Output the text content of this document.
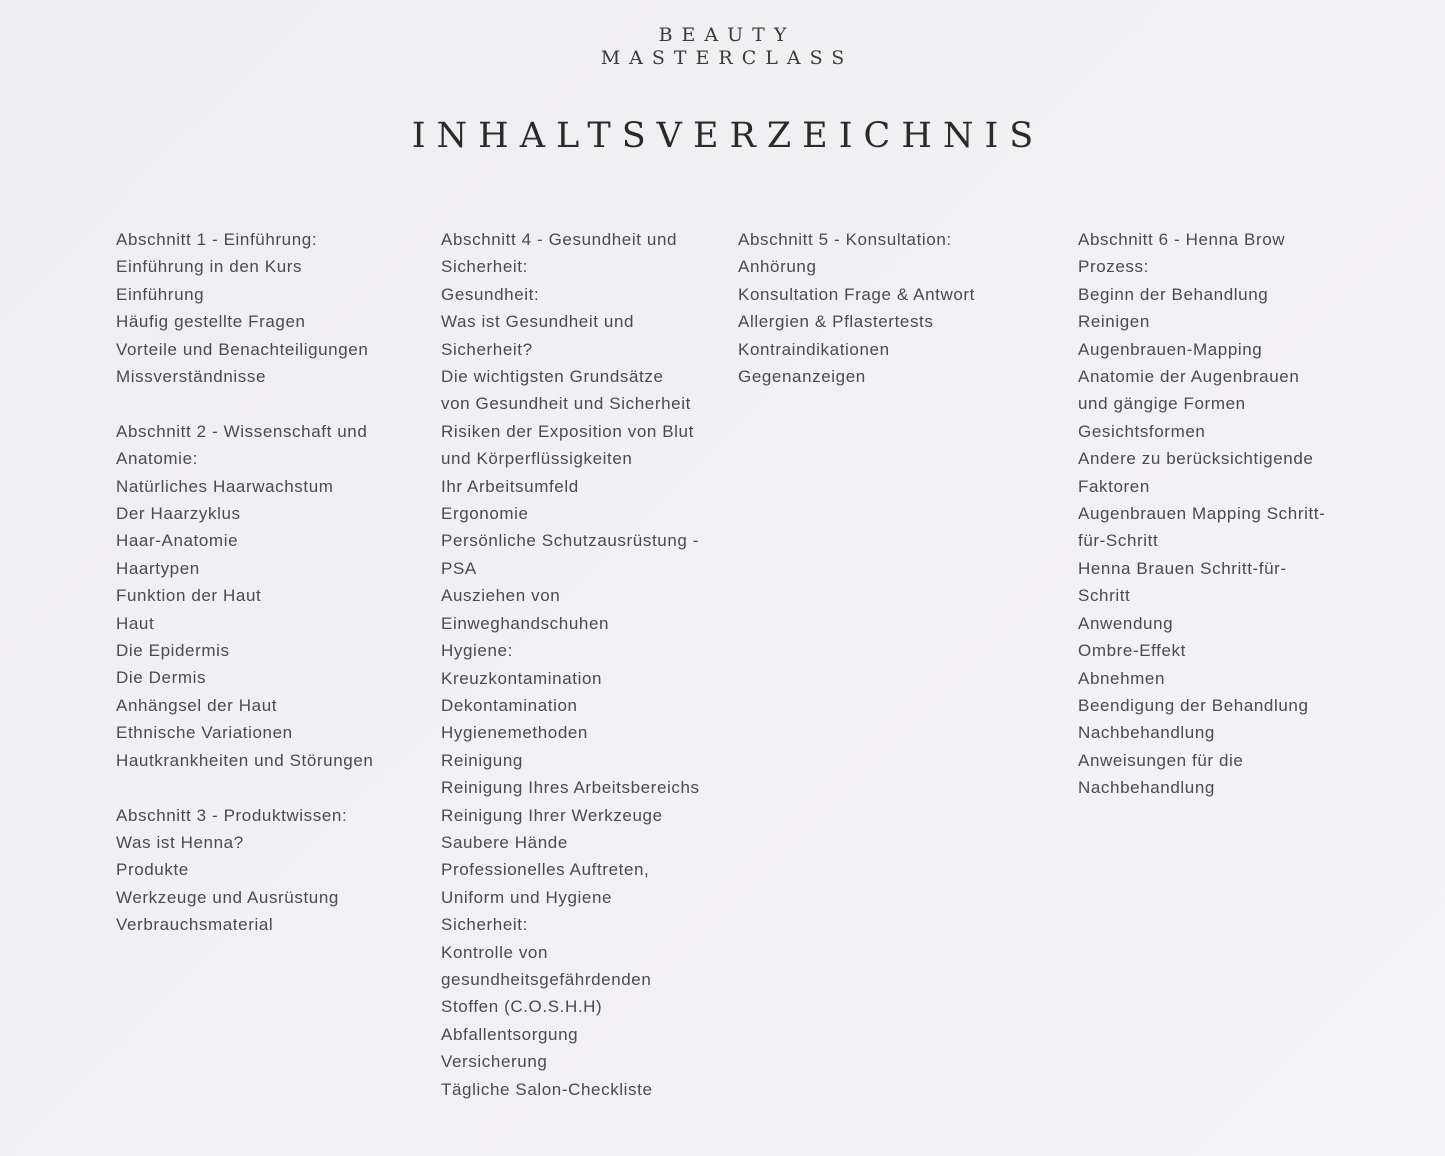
BEAUTY
MASTERCLASS
INHALTSVERZEICHNIS
Abschnitt 1 - Einführung:
Einführung in den Kurs
Einführung
Häufig gestellte Fragen
Vorteile und Benachteiligungen
Missverständnisse
Abschnitt 2 - Wissenschaft und
Anatomie:
Natürliches Haarwachstum
Der Haarzyklus
Haar-Anatomie
Haartypen
Funktion der Haut
Haut
Die Epidermis
Die Dermis
Anhängsel der Haut
Ethnische Variationen
Hautkrankheiten und Störungen
Abschnitt 3 - Produktwissen:
Was ist Henna?
Produkte
Werkzeuge und Ausrüstung
Verbrauchsmaterial
Abschnitt 4 - Gesundheit und
Sicherheit:
Gesundheit:
Was ist Gesundheit und
Sicherheit?
Die wichtigsten Grundsätze
von Gesundheit und Sicherheit
Risiken der Exposition von Blut
und Körperflüssigkeiten
Ihr Arbeitsumfeld
Ergonomie
Persönliche Schutzausrüstung -
PSA
Ausziehen von
Einweghandschuhen
Hygiene:
Kreuzkontamination
Dekontamination
Hygienemethoden
Reinigung
Reinigung Ihres Arbeitsbereichs
Reinigung Ihrer Werkzeuge
Saubere Hände
Professionelles Auftreten,
Uniform und Hygiene
Sicherheit:
Kontrolle von
gesundheitsgefährdenden
Stoffen (C.O.S.H.H)
Abfallentsorgung
Versicherung
Tägliche Salon-Checkliste
Abschnitt 5 - Konsultation:
Anhörung
Konsultation Frage & Antwort
Allergien & Pflastertests
Kontraindikationen
Gegenanzeigen
Abschnitt 6 - Henna Brow
Prozess:
Beginn der Behandlung
Reinigen
Augenbrauen-Mapping
Anatomie der Augenbrauen
und gängige Formen
Gesichtsformen
Andere zu berücksichtigende
Faktoren
Augenbrauen Mapping Schritt-
für-Schritt
Henna Brauen Schritt-für-
Schritt
Anwendung
Ombre-Effekt
Abnehmen
Beendigung der Behandlung
Nachbehandlung
Anweisungen für die
Nachbehandlung
